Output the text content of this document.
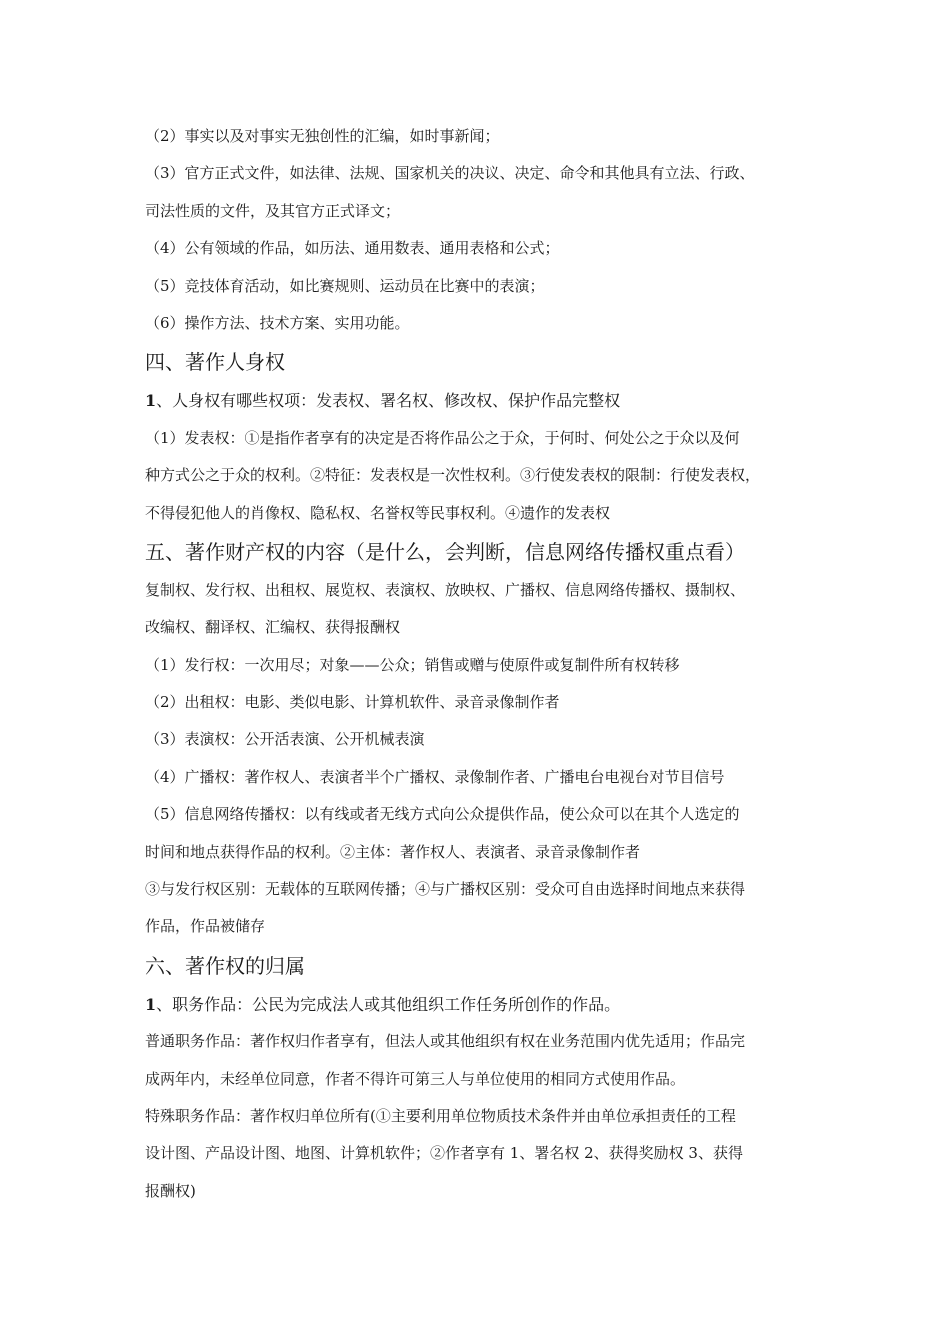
（2）事实以及对事实无独创性的汇编，如时事新闻；
（3）官方正式文件，如法律、法规、国家机关的决议、决定、命令和其他具有立法、行政、
司法性质的文件，及其官方正式译文；
（4）公有领域的作品，如历法、通用数表、通用表格和公式；
（5）竞技体育活动，如比赛规则、运动员在比赛中的表演；
（6）操作方法、技术方案、实用功能。
四、著作人身权
1、人身权有哪些权项：发表权、署名权、修改权、保护作品完整权
（1）发表权：①是指作者享有的决定是否将作品公之于众，于何时、何处公之于众以及何
种方式公之于众的权利。②特征：发表权是一次性权利。③行使发表权的限制：行使发表权，
不得侵犯他人的肖像权、隐私权、名誉权等民事权利。④遗作的发表权
五、著作财产权的内容（是什么，会判断，信息网络传播权重点看）
复制权、发行权、出租权、展览权、表演权、放映权、广播权、信息网络传播权、摄制权、
改编权、翻译权、汇编权、获得报酬权
（1）发行权：一次用尽；对象——公众；销售或赠与使原件或复制件所有权转移
（2）出租权：电影、类似电影、计算机软件、录音录像制作者
（3）表演权：公开活表演、公开机械表演
（4）广播权：著作权人、表演者半个广播权、录像制作者、广播电台电视台对节目信号
（5）信息网络传播权：以有线或者无线方式向公众提供作品，使公众可以在其个人选定的
时间和地点获得作品的权利。②主体：著作权人、表演者、录音录像制作者
③与发行权区别：无载体的互联网传播；④与广播权区别：受众可自由选择时间地点来获得
作品，作品被储存
六、著作权的归属
1、职务作品：公民为完成法人或其他组织工作任务所创作的作品。
普通职务作品：著作权归作者享有，但法人或其他组织有权在业务范围内优先适用；作品完
成两年内，未经单位同意，作者不得许可第三人与单位使用的相同方式使用作品。
特殊职务作品：著作权归单位所有(①主要利用单位物质技术条件并由单位承担责任的工程
设计图、产品设计图、地图、计算机软件；②作者享有 1、署名权 2、获得奖励权 3、获得
报酬权)
